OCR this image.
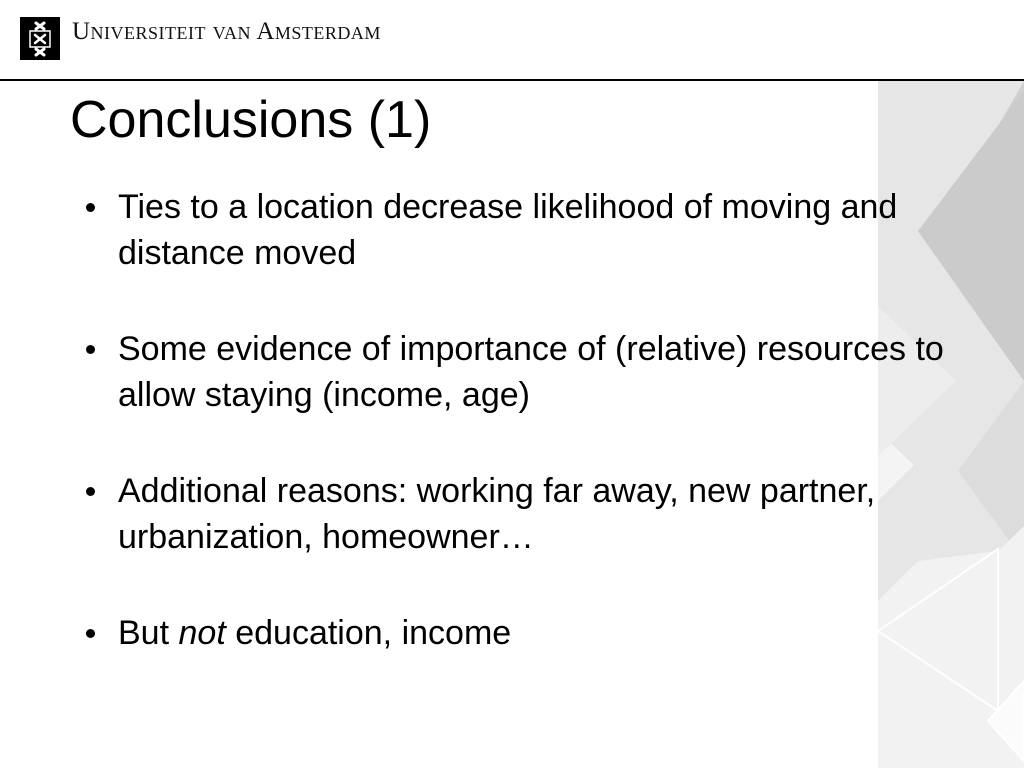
Universiteit van Amsterdam
Conclusions (1)
Ties to a location decrease likelihood of moving and distance moved
Some evidence of importance of (relative) resources to allow staying (income, age)
Additional reasons: working far away, new partner, urbanization, homeowner…
But not education, income
